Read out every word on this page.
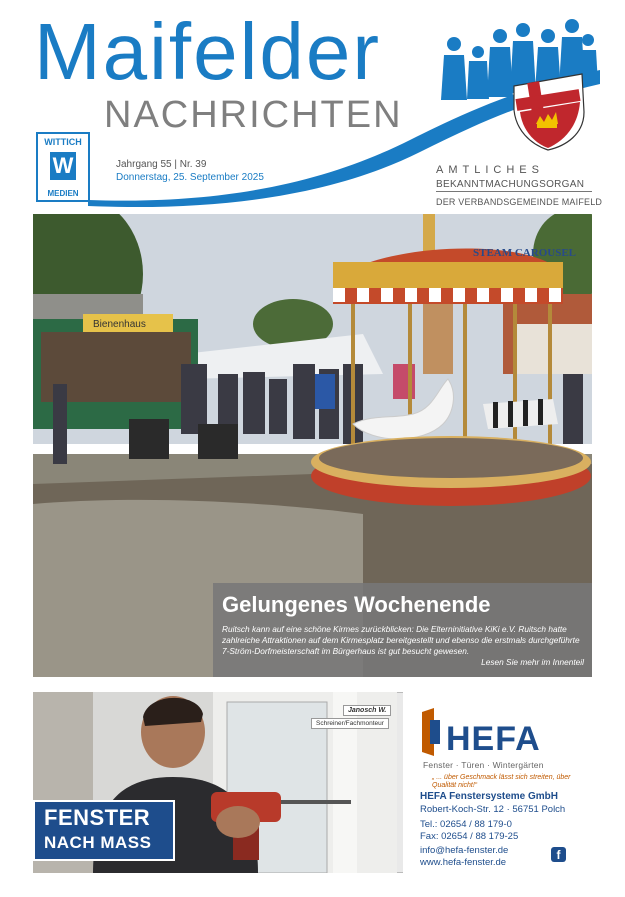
Maifelder
NACHRICHTEN
WITTICH
W
MEDIEN
Jahrgang 55 | Nr. 39
Donnerstag, 25. September 2025
AMTLICHES
BEKANNTMACHUNGSORGAN
DER VERBANDSGEMEINDE MAIFELD
Bienenhaus
STEAM CAROUSEL
Gelungenes Wochenende
Ruitsch kann auf eine schöne Kirmes zurückblicken: Die Elterninitiative KiKi e.V. Ruitsch hatte zahlreiche Attraktionen auf dem Kirmesplatz bereitgestellt und ebenso die erstmals durchgeführte 7-Ström-Dorfmeisterschaft im Bürgerhaus ist gut besucht gewesen.
Lesen Sie mehr im Innenteil
FENSTER
NACH MASS
Janosch W.
Schreiner/Fachmonteur HEFA
Fenster · Türen · Wintergärten
„ ... über Geschmack lässt sich streiten, über Qualität nicht!“
HEFA Fenstersysteme GmbH
Robert-Koch-Str. 12 · 56751 Polch
Tel.: 02654 / 88 179-0
Fax: 02654 / 88 179-25
info@hefa-fenster.de
www.hefa-fenster.de
f
